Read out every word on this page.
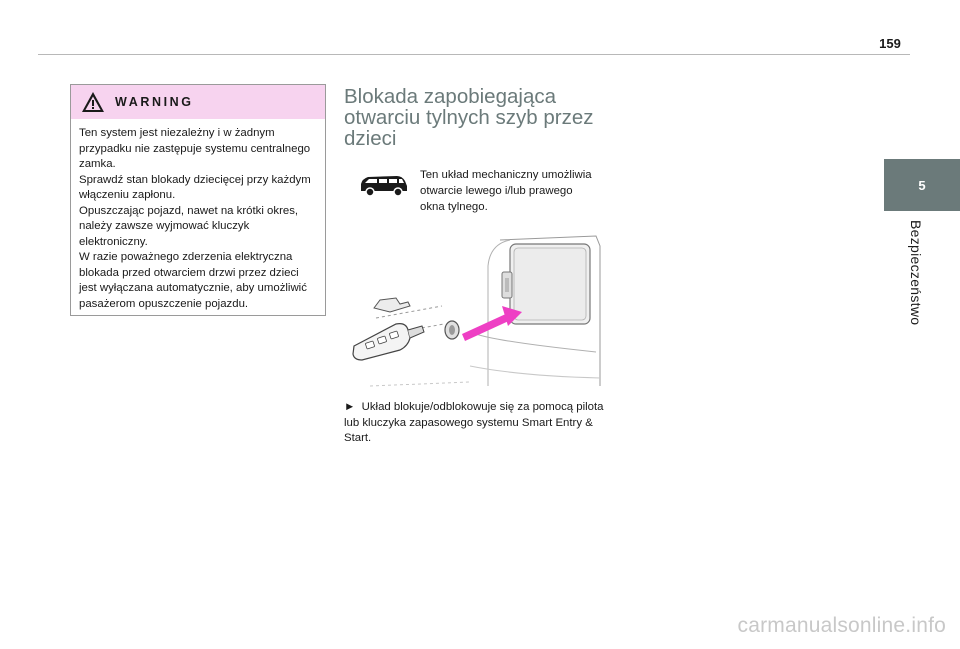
159
5
Bezpieczeństwo
WARNING

Ten system jest niezależny i w żadnym przypadku nie zastępuje systemu centralnego zamka.

Sprawdź stan blokady dziecięcej przy każdym włączeniu zapłonu.

Opuszczając pojazd, nawet na krótki okres, należy zawsze wyjmować kluczyk elektroniczny.

W razie poważnego zderzenia elektryczna blokada przed otwarciem drzwi przez dzieci jest wyłączana automatycznie, aby umożliwić pasażerom opuszczenie pojazdu.

Blokada zapobiegająca otwarciu tylnych szyb przez dzieci

Ten układ mechaniczny umożliwia otwarcie lewego i/lub prawego okna tylnego.

► Układ blokuje/odblokowuje się za pomocą pilota lub kluczyka zapasowego systemu Smart Entry & Start.

carmanualsonline.info
